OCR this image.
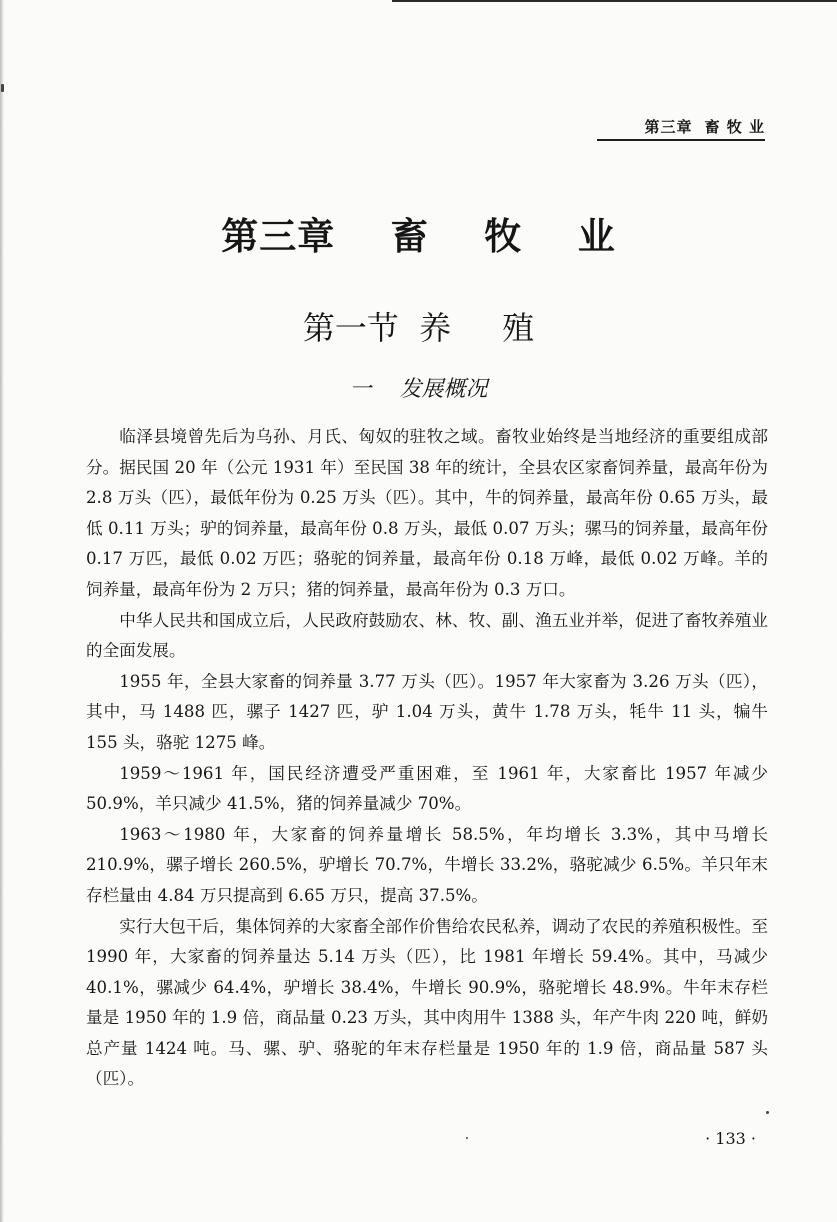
第三章 畜 牧 业
第三章    畜    牧    业
第一节  养     殖
一    发展概况

临泽县境曾先后为乌孙、月氏、匈奴的驻牧之域。畜牧业始终是当地经济的重要组成部分。据民国 20 年（公元 1931 年）至民国 38 年的统计，全县农区家畜饲养量，最高年份为 2.8 万头（匹），最低年份为 0.25 万头（匹）。其中，牛的饲养量，最高年份 0.65 万头，最低 0.11 万头；驴的饲养量，最高年份 0.8 万头，最低 0.07 万头；骡马的饲养量，最高年份 0.17 万匹，最低 0.02 万匹；骆驼的饲养量，最高年份 0.18 万峰，最低 0.02 万峰。羊的饲养量，最高年份为 2 万只；猪的饲养量，最高年份为 0.3 万口。

中华人民共和国成立后，人民政府鼓励农、林、牧、副、渔五业并举，促进了畜牧养殖业的全面发展。

1955 年，全县大家畜的饲养量 3.77 万头（匹）。1957 年大家畜为 3.26 万头（匹），其中，马 1488 匹，骡子 1427 匹，驴 1.04 万头，黄牛 1.78 万头，牦牛 11 头，犏牛 155 头，骆驼 1275 峰。

1959～1961 年，国民经济遭受严重困难，至 1961 年，大家畜比 1957 年减少 50.9%，羊只减少 41.5%，猪的饲养量减少 70%。

1963～1980 年，大家畜的饲养量增长 58.5%，年均增长 3.3%，其中马增长 210.9%，骡子增长 260.5%，驴增长 70.7%，牛增长 33.2%，骆驼减少 6.5%。羊只年末存栏量由 4.84 万只提高到 6.65 万只，提高 37.5%。

实行大包干后，集体饲养的大家畜全部作价售给农民私养，调动了农民的养殖积极性。至 1990 年，大家畜的饲养量达 5.14 万头（匹），比 1981 年增长 59.4%。其中，马减少 40.1%，骡减少 64.4%，驴增长 38.4%，牛增长 90.9%，骆驼增长 48.9%。牛年末存栏量是 1950 年的 1.9 倍，商品量 0.23 万头，其中肉用牛 1388 头，年产牛肉 220 吨，鲜奶总产量 1424 吨。马、骡、驴、骆驼的年末存栏量是 1950 年的 1.9 倍，商品量 587 头（匹）。

· 133 ·
